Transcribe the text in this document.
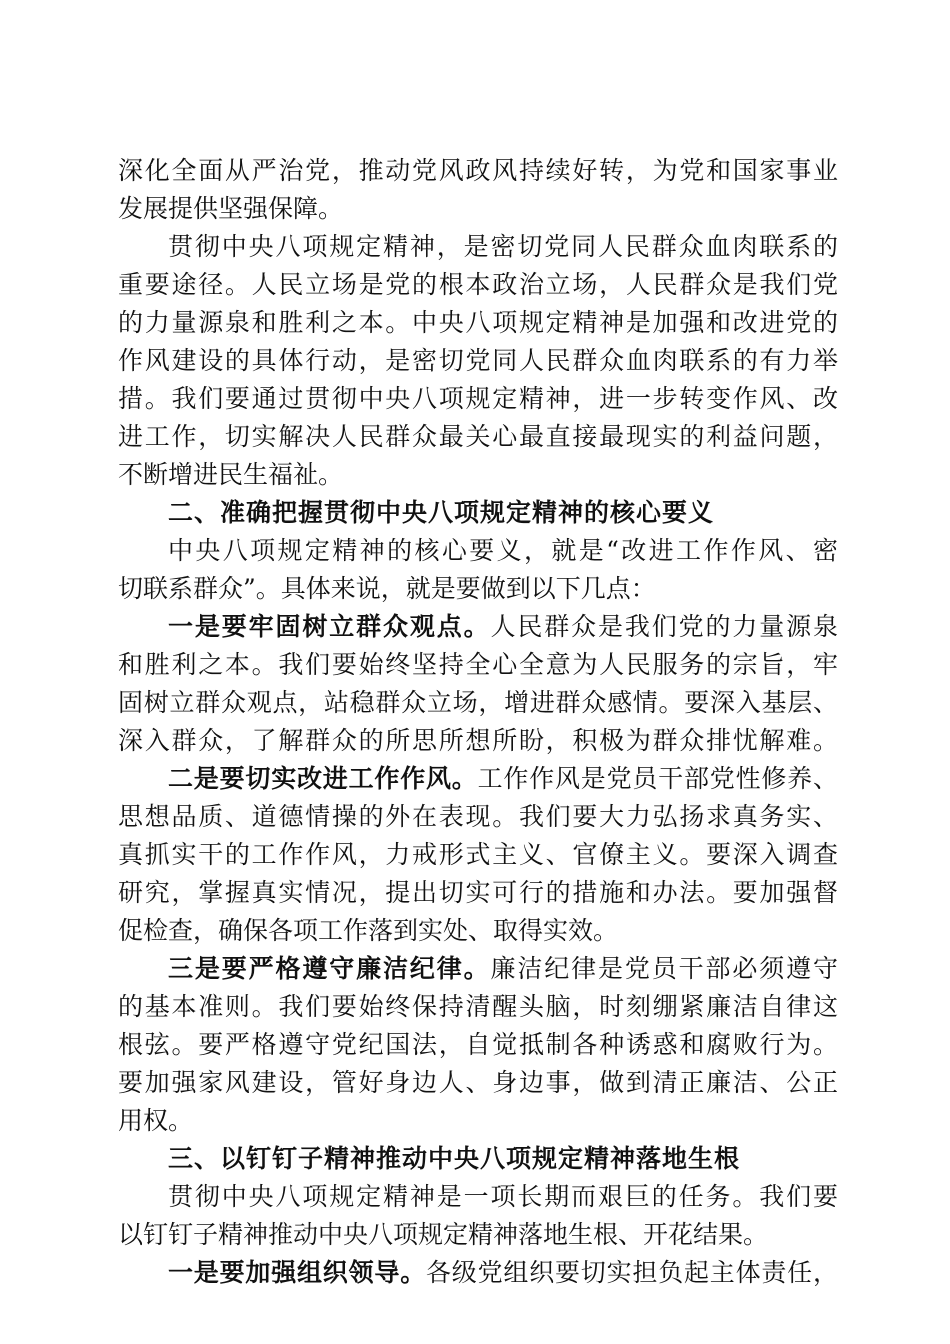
深化全面从严治党，推动党风政风持续好转，为党和国家事业
发展提供坚强保障。
贯彻中央八项规定精神，是密切党同人民群众血肉联系的
重要途径。人民立场是党的根本政治立场，人民群众是我们党
的力量源泉和胜利之本。中央八项规定精神是加强和改进党的
作风建设的具体行动，是密切党同人民群众血肉联系的有力举
措。我们要通过贯彻中央八项规定精神，进一步转变作风、改
进工作，切实解决人民群众最关心最直接最现实的利益问题，
不断增进民生福祉。
二、准确把握贯彻中央八项规定精神的核心要义
中央八项规定精神的核心要义，就是“改进工作作风、密
切联系群众”。具体来说，就是要做到以下几点：
一是要牢固树立群众观点。人民群众是我们党的力量源泉
和胜利之本。我们要始终坚持全心全意为人民服务的宗旨，牢
固树立群众观点，站稳群众立场，增进群众感情。要深入基层、
深入群众，了解群众的所思所想所盼，积极为群众排忧解难。
二是要切实改进工作作风。工作作风是党员干部党性修养、
思想品质、道德情操的外在表现。我们要大力弘扬求真务实、
真抓实干的工作作风，力戒形式主义、官僚主义。要深入调查
研究，掌握真实情况，提出切实可行的措施和办法。要加强督
促检查，确保各项工作落到实处、取得实效。
三是要严格遵守廉洁纪律。廉洁纪律是党员干部必须遵守
的基本准则。我们要始终保持清醒头脑，时刻绷紧廉洁自律这
根弦。要严格遵守党纪国法，自觉抵制各种诱惑和腐败行为。
要加强家风建设，管好身边人、身边事，做到清正廉洁、公正
用权。
三、以钉钉子精神推动中央八项规定精神落地生根
贯彻中央八项规定精神是一项长期而艰巨的任务。我们要
以钉钉子精神推动中央八项规定精神落地生根、开花结果。
一是要加强组织领导。各级党组织要切实担负起主体责任，
